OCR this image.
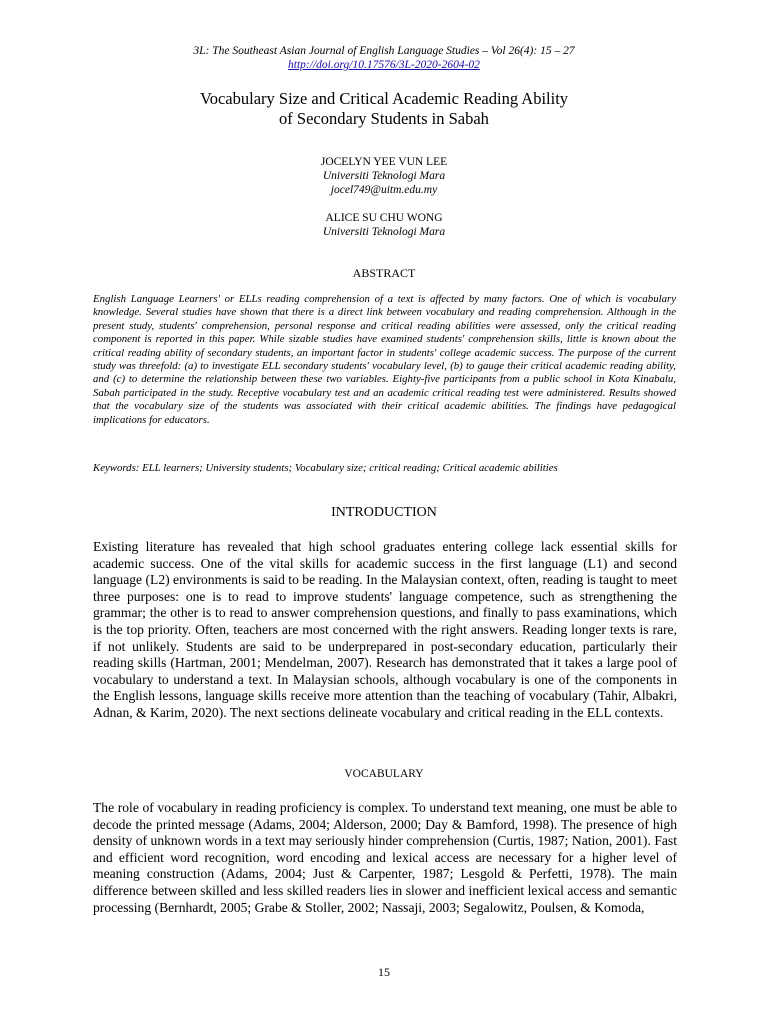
3L: The Southeast Asian Journal of English Language Studies – Vol 26(4): 15 – 27
http://doi.org/10.17576/3L-2020-2604-02
Vocabulary Size and Critical Academic Reading Ability
of Secondary Students in Sabah
JOCELYN YEE VUN LEE
Universiti Teknologi Mara
jocel749@uitm.edu.my
ALICE SU CHU WONG
Universiti Teknologi Mara
ABSTRACT
English Language Learners' or ELLs reading comprehension of a text is affected by many factors. One of which is vocabulary knowledge. Several studies have shown that there is a direct link between vocabulary and reading comprehension. Although in the present study, students' comprehension, personal response and critical reading abilities were assessed, only the critical reading component is reported in this paper. While sizable studies have examined students' comprehension skills, little is known about the critical reading ability of secondary students, an important factor in students' college academic success. The purpose of the current study was threefold: (a) to investigate ELL secondary students' vocabulary level, (b) to gauge their critical academic reading ability, and (c) to determine the relationship between these two variables. Eighty-five participants from a public school in Kota Kinabalu, Sabah participated in the study. Receptive vocabulary test and an academic critical reading test were administered. Results showed that the vocabulary size of the students was associated with their critical academic abilities. The findings have pedagogical implications for educators.
Keywords: ELL learners; University students; Vocabulary size; critical reading; Critical academic abilities
INTRODUCTION
Existing literature has revealed that high school graduates entering college lack essential skills for academic success. One of the vital skills for academic success in the first language (L1) and second language (L2) environments is said to be reading. In the Malaysian context, often, reading is taught to meet three purposes: one is to read to improve students' language competence, such as strengthening the grammar; the other is to read to answer comprehension questions, and finally to pass examinations, which is the top priority. Often, teachers are most concerned with the right answers. Reading longer texts is rare, if not unlikely. Students are said to be underprepared in post-secondary education, particularly their reading skills (Hartman, 2001; Mendelman, 2007). Research has demonstrated that it takes a large pool of vocabulary to understand a text. In Malaysian schools, although vocabulary is one of the components in the English lessons, language skills receive more attention than the teaching of vocabulary (Tahir, Albakri, Adnan, & Karim, 2020). The next sections delineate vocabulary and critical reading in the ELL contexts.
VOCABULARY
The role of vocabulary in reading proficiency is complex. To understand text meaning, one must be able to decode the printed message (Adams, 2004; Alderson, 2000; Day & Bamford, 1998). The presence of high density of unknown words in a text may seriously hinder comprehension (Curtis, 1987; Nation, 2001). Fast and efficient word recognition, word encoding and lexical access are necessary for a higher level of meaning construction (Adams, 2004; Just & Carpenter, 1987; Lesgold & Perfetti, 1978). The main difference between skilled and less skilled readers lies in slower and inefficient lexical access and semantic processing (Bernhardt, 2005; Grabe & Stoller, 2002; Nassaji, 2003; Segalowitz, Poulsen, & Komoda,
15
